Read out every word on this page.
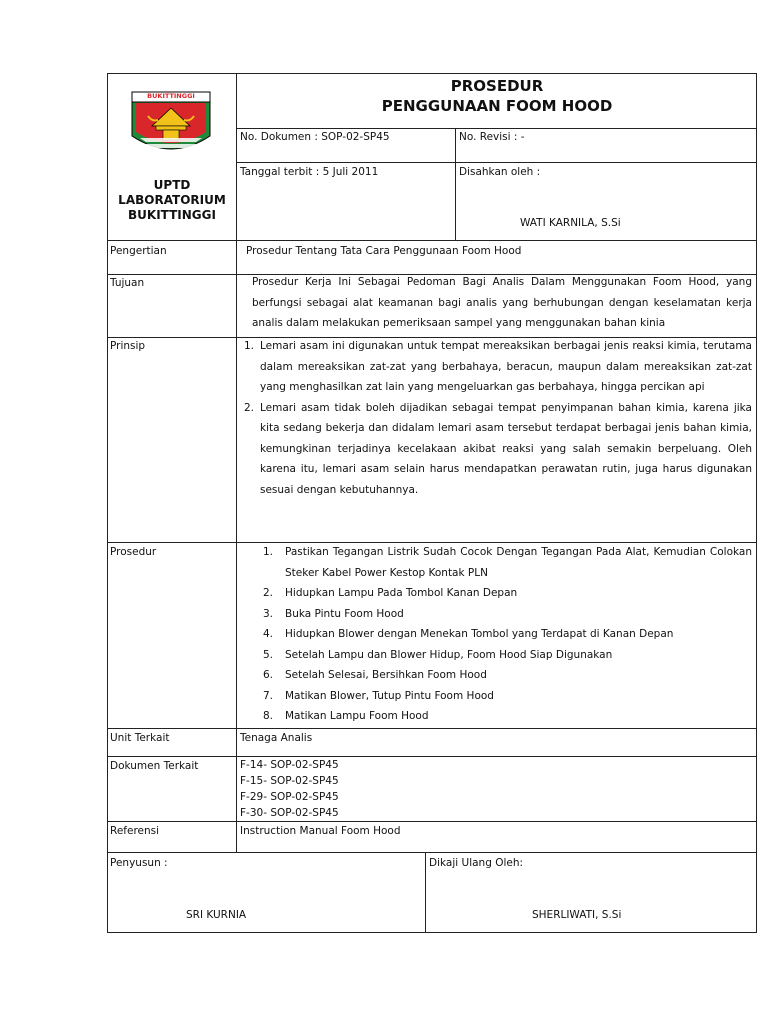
PROSEDUR
PENGGUNAAN FOOM HOOD
BUKITTINGGI
UPTD
LABORATORIUM
BUKITTINGGI
No. Dokumen : SOP-02-SP45	No. Revisi : -
Tanggal terbit : 5 Juli 2011	Disahkan oleh :
WATI KARNILA, S.Si
Pengertian	Prosedur Tentang Tata Cara Penggunaan Foom Hood
Tujuan	Prosedur Kerja Ini Sebagai Pedoman Bagi Analis Dalam Menggunakan Foom Hood, yang berfungsi sebagai alat keamanan bagi analis yang berhubungan dengan keselamatan kerja analis dalam melakukan pemeriksaan sampel yang menggunakan bahan kinia
Prinsip	1. Lemari asam ini digunakan untuk tempat mereaksikan berbagai jenis reaksi kimia, terutama dalam mereaksikan zat-zat yang berbahaya, beracun, maupun dalam mereaksikan zat-zat yang menghasilkan zat lain yang mengeluarkan gas berbahaya, hingga percikan api
2. Lemari asam tidak boleh dijadikan sebagai tempat penyimpanan bahan kimia, karena jika kita sedang bekerja dan didalam lemari asam tersebut terdapat berbagai jenis bahan kimia, kemungkinan terjadinya kecelakaan akibat reaksi yang salah semakin berpeluang. Oleh karena itu, lemari asam selain harus mendapatkan perawatan rutin, juga harus digunakan sesuai dengan kebutuhannya.
Prosedur	1. Pastikan Tegangan Listrik Sudah Cocok Dengan Tegangan Pada Alat, Kemudian Colokan Steker Kabel Power Kestop Kontak PLN
2. Hidupkan Lampu Pada Tombol Kanan Depan
3. Buka Pintu Foom Hood
4. Hidupkan Blower dengan Menekan Tombol yang Terdapat di Kanan Depan
5. Setelah Lampu dan Blower Hidup, Foom Hood Siap Digunakan
6. Setelah Selesai, Bersihkan Foom Hood
7. Matikan Blower, Tutup Pintu Foom Hood
8. Matikan Lampu Foom Hood
Unit Terkait	Tenaga Analis
Dokumen Terkait	F-14- SOP-02-SP45
F-15- SOP-02-SP45
F-29- SOP-02-SP45
F-30- SOP-02-SP45
Referensi	Instruction Manual Foom Hood
Penyusun :
SRI KURNIA
Dikaji Ulang Oleh:
SHERLIWATI, S.Si
